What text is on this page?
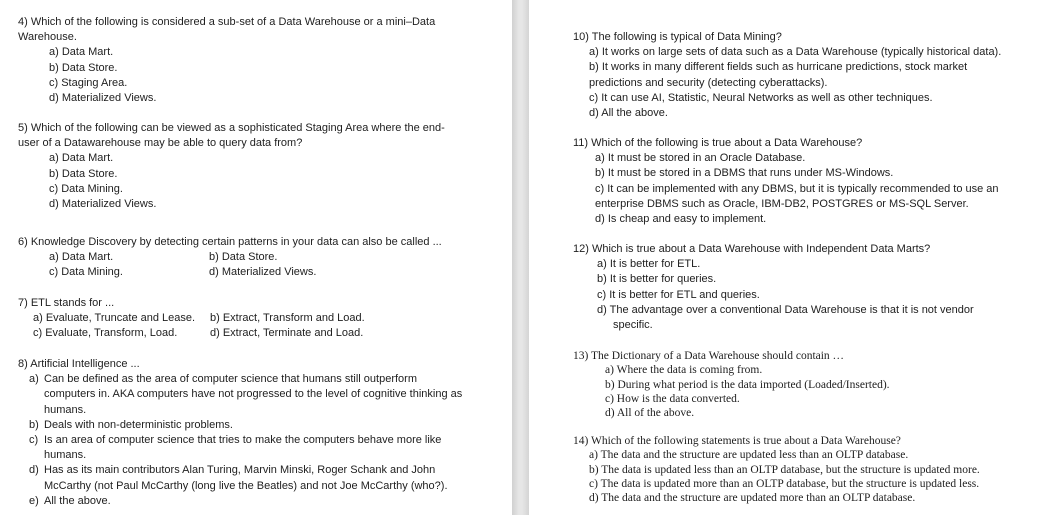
4) Which of the following is considered a sub-set of a Data Warehouse or a mini–Data
Warehouse.
a) Data Mart.
b) Data Store.
c) Staging Area.
d) Materialized Views.
5) Which of the following can be viewed as a sophisticated Staging Area where the end-
user of a Datawarehouse may be able to query data from?
a) Data Mart.
b) Data Store.
c) Data Mining.
d) Materialized Views.
6) Knowledge Discovery by detecting certain patterns in your data can also be called ...
a) Data Mart.	b) Data Store.
c) Data Mining.	d) Materialized Views.
7) ETL stands for ...
a) Evaluate, Truncate and Lease.	b) Extract, Transform and Load.
c) Evaluate, Transform, Load.	d) Extract, Terminate and Load.
8) Artificial Intelligence ...
a) Can be defined as the area of computer science that humans still outperform computers in. AKA computers have not progressed to the level of cognitive thinking as humans.
b) Deals with non-deterministic problems.
c) Is an area of computer science that tries to make the computers behave more like humans.
d) Has as its main contributors Alan Turing, Marvin Minski, Roger Schank and John McCarthy (not Paul McCarthy (long live the Beatles) and not Joe McCarthy (who?).
e) All the above.
10) The following is typical of Data Mining?
a) It works on large sets of data such as a Data Warehouse (typically historical data).
b) It works in many different fields such as hurricane predictions, stock market
predictions and security (detecting cyberattacks).
c) It can use AI, Statistic, Neural Networks as well as other techniques.
d) All the above.
11) Which of the following is true about a Data Warehouse?
a) It must be stored in an Oracle Database.
b) It must be stored in a DBMS that runs under MS-Windows.
c) It can be implemented with any DBMS, but it is typically recommended to use an
enterprise DBMS such as Oracle, IBM-DB2, POSTGRES or MS-SQL Server.
d) Is cheap and easy to implement.
12) Which is true about a Data Warehouse with Independent Data Marts?
a) It is better for ETL.
b) It is better for queries.
c) It is better for ETL and queries.
d) The advantage over a conventional Data Warehouse is that it is not vendor
specific.
13) The Dictionary of a Data Warehouse should contain …
a) Where the data is coming from.
b) During what period is the data imported (Loaded/Inserted).
c) How is the data converted.
d) All of the above.
14) Which of the following statements is true about a Data Warehouse?
a) The data and the structure are updated less than an OLTP database.
b) The data is updated less than an OLTP database, but the structure is updated more.
c) The data is updated more than an OLTP database, but the structure is updated less.
d) The data and the structure are updated more than an OLTP database.
